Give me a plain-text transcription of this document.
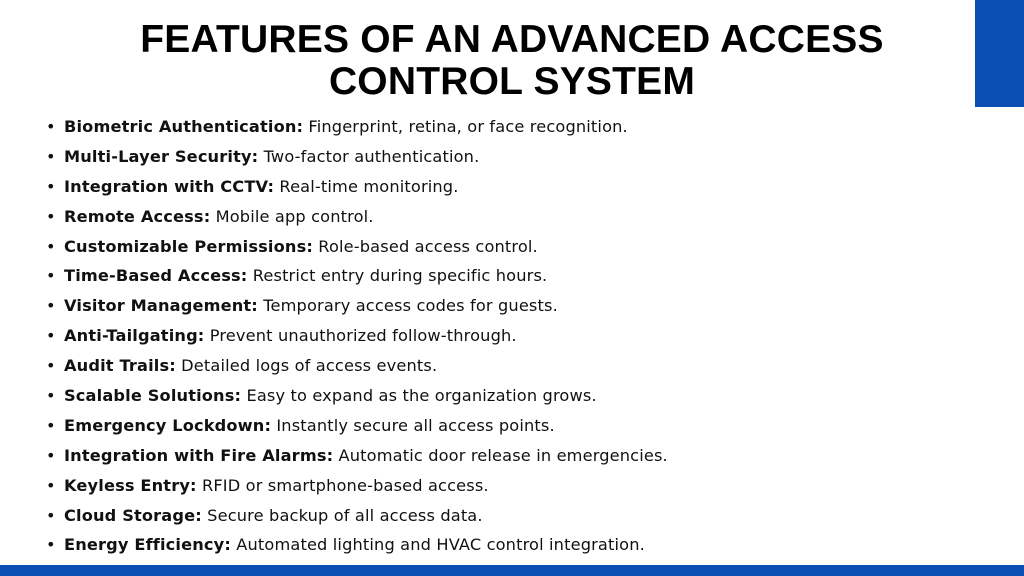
FEATURES OF AN ADVANCED ACCESS
CONTROL SYSTEM
• Biometric Authentication: Fingerprint, retina, or face recognition.
• Multi-Layer Security: Two-factor authentication.
• Integration with CCTV: Real-time monitoring.
• Remote Access: Mobile app control.
• Customizable Permissions: Role-based access control.
• Time-Based Access: Restrict entry during specific hours.
• Visitor Management: Temporary access codes for guests.
• Anti-Tailgating: Prevent unauthorized follow-through.
• Audit Trails: Detailed logs of access events.
• Scalable Solutions: Easy to expand as the organization grows.
• Emergency Lockdown: Instantly secure all access points.
• Integration with Fire Alarms: Automatic door release in emergencies.
• Keyless Entry: RFID or smartphone-based access.
• Cloud Storage: Secure backup of all access data.
• Energy Efficiency: Automated lighting and HVAC control integration.
